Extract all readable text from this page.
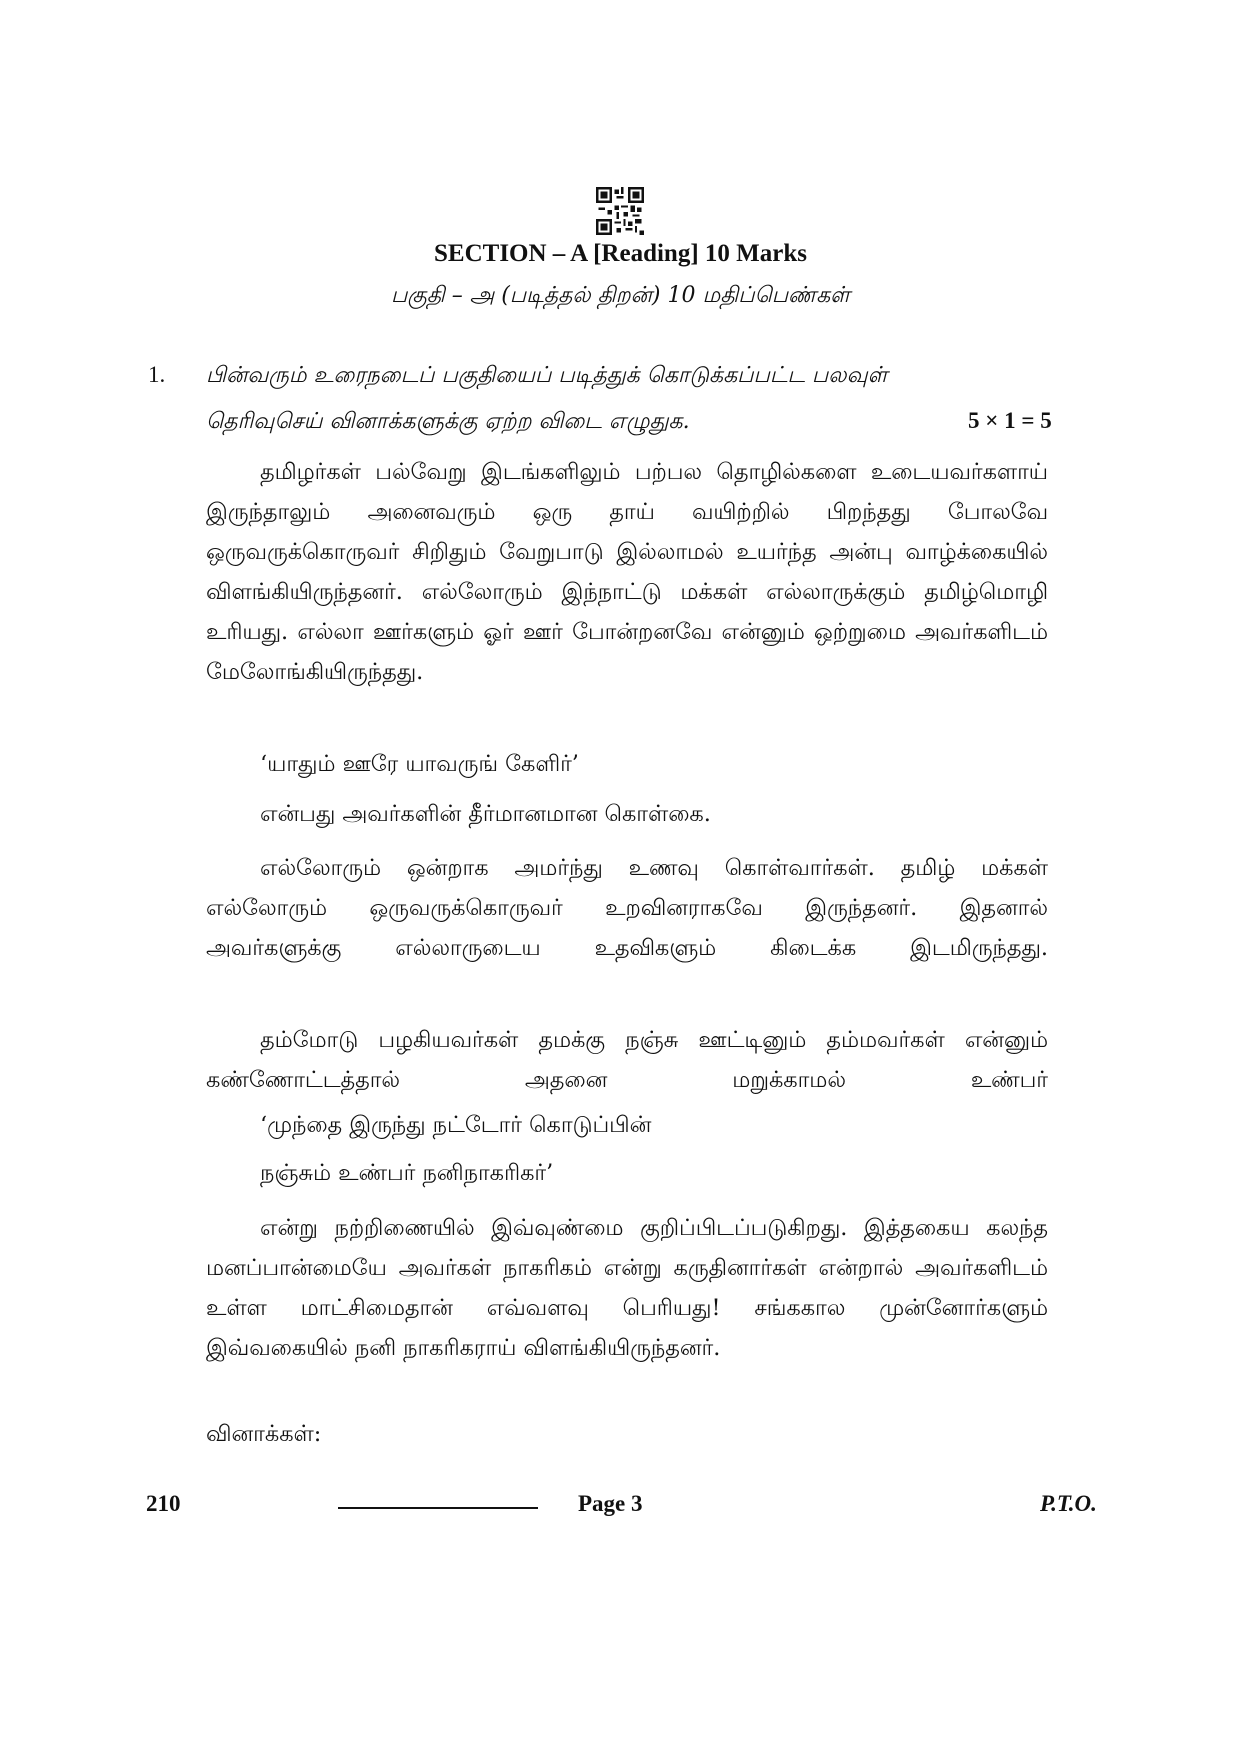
SECTION – A [Reading] 10 Marks
பகுதி – அ (படித்தல் திறன்) 10 மதிப்பெண்கள்
1. பின்வரும் உரைநடைப் பகுதியைப் படித்துக் கொடுக்கப்பட்ட பலவுள்
தெரிவுசெய் வினாக்களுக்கு ஏற்ற விடை எழுதுக.	5 × 1 = 5

தமிழர்கள் பல்வேறு இடங்களிலும் பற்பல தொழில்களை உடையவர்களாய் இருந்தாலும் அனைவரும் ஒரு தாய் வயிற்றில் பிறந்தது போலவே ஒருவருக்கொருவர் சிறிதும் வேறுபாடு இல்லாமல் உயர்ந்த அன்பு வாழ்க்கையில் விளங்கியிருந்தனர். எல்லோரும் இந்நாட்டு மக்கள் எல்லாருக்கும் தமிழ்மொழி உரியது. எல்லா ஊர்களும் ஓர் ஊர் போன்றனவே என்னும் ஒற்றுமை அவர்களிடம் மேலோங்கியிருந்தது.

‘யாதும் ஊரே யாவருங் கேளிர்’
என்பது அவர்களின் தீர்மானமான கொள்கை.

எல்லோரும் ஒன்றாக அமர்ந்து உணவு கொள்வார்கள். தமிழ் மக்கள் எல்லோரும் ஒருவருக்கொருவர் உறவினராகவே இருந்தனர். இதனால் அவர்களுக்கு எல்லாருடைய உதவிகளும் கிடைக்க இடமிருந்தது.

தம்மோடு பழகியவர்கள் தமக்கு நஞ்சு ஊட்டினும் தம்மவர்கள் என்னும் கண்ணோட்டத்தால் அதனை மறுக்காமல் உண்பர்

‘முந்தை இருந்து நட்டோர் கொடுப்பின்
நஞ்சும் உண்பர் நனிநாகரிகர்’

என்று நற்றிணையில் இவ்வுண்மை குறிப்பிடப்படுகிறது. இத்தகைய கலந்த மனப்பான்மையே அவர்கள் நாகரிகம் என்று கருதினார்கள் என்றால் அவர்களிடம் உள்ள மாட்சிமைதான் எவ்வளவு பெரியது! சங்ககால முன்னோர்களும் இவ்வகையில் நனி நாகரிகராய் விளங்கியிருந்தனர்.

வினாக்கள்:
210	Page 3	P.T.O.
